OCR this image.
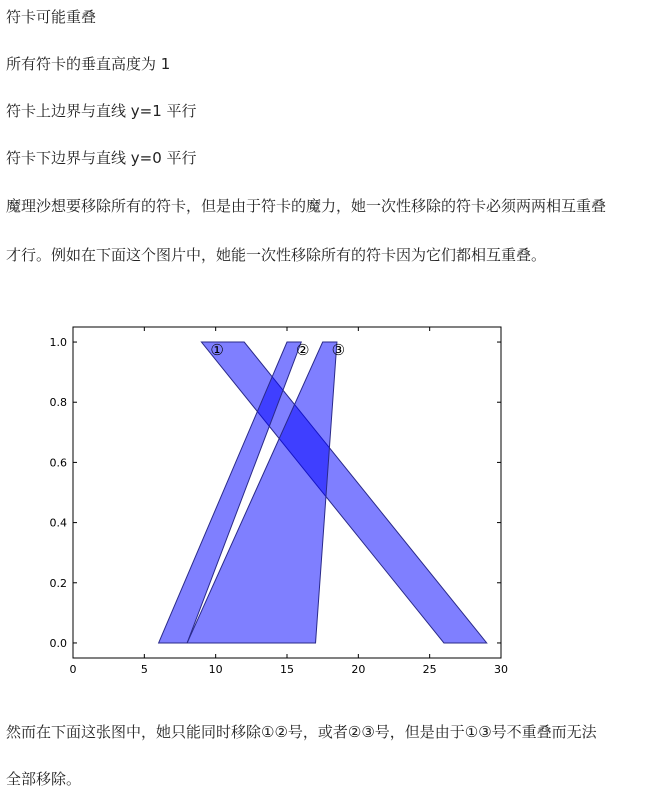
符卡可能重叠
所有符卡的垂直高度为 1
符卡上边界与直线 y=1 平行
符卡下边界与直线 y=0 平行
魔理沙想要移除所有的符卡，但是由于符卡的魔力，她一次性移除的符卡必须两两相互重叠
才行。例如在下面这个图片中，她能一次性移除所有的符卡因为它们都相互重叠。
①	② ③
0	5	10	15	20	25	30
0.0
0.2
0.4
0.6
0.8
1.0
然而在下面这张图中，她只能同时移除①②号，或者②③号，但是由于①③号不重叠而无法
全部移除。
